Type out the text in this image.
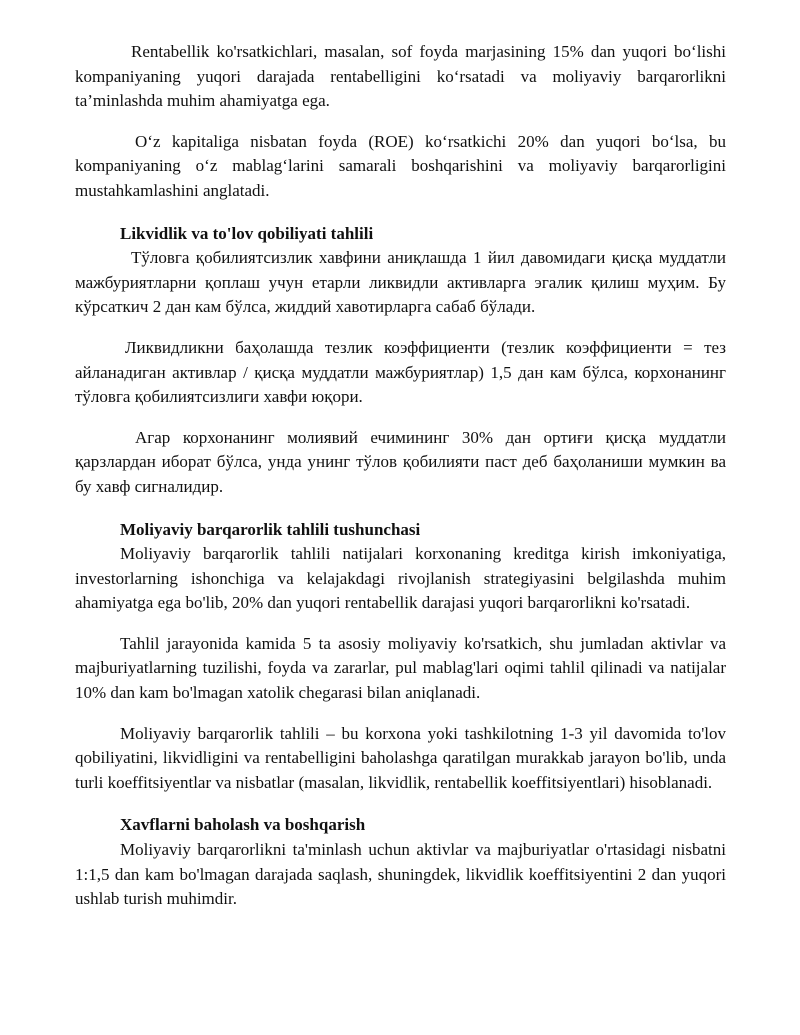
Rentabellik ko'rsatkichlari, masalan, sof foyda marjasining 15% dan yuqori bo‘lishi kompaniyaning yuqori darajada rentabelligini ko‘rsatadi va moliyaviy barqarorlikni ta’minlashda muhim ahamiyatga ega.

O‘z kapitaliga nisbatan foyda (ROE) ko‘rsatkichi 20% dan yuqori bo‘lsa, bu kompaniyaning o‘z mablag‘larini samarali boshqarishini va moliyaviy barqarorligini mustahkamlashini anglatadi.

Likvidlik va to'lov qobiliyati tahlili

Тўловга қобилиятсизлик хавфини аниқлашда 1 йил давомидаги қисқа муддатли мажбуриятларни қоплаш учун етарли ликвидли активларга эгалик қилиш муҳим. Бу кўрсаткич 2 дан кам бўлса, жиддий хавотирларга сабаб бўлади.

Ликвидликни баҳолашда тезлик коэффициенти (тезлик коэффициенти = тез айланадиган активлар / қисқа муддатли мажбуриятлар) 1,5 дан кам бўлса, корхонанинг тўловга қобилиятсизлиги хавфи юқори.

Агар корхонанинг молиявий ечимининг 30% дан ортиғи қисқа муддатли қарзлардан иборат бўлса, унда унинг тўлов қобилияти паст деб баҳоланиши мумкин ва бу хавф сигналидир.

Moliyaviy barqarorlik tahlili tushunchasi

Moliyaviy barqarorlik tahlili natijalari korxonaning kreditga kirish imkoniyatiga, investorlarning ishonchiga va kelajakdagi rivojlanish strategiyasini belgilashda muhim ahamiyatga ega bo'lib, 20% dan yuqori rentabellik darajasi yuqori barqarorlikni ko'rsatadi.

Tahlil jarayonida kamida 5 ta asosiy moliyaviy ko'rsatkich, shu jumladan aktivlar va majburiyatlarning tuzilishi, foyda va zararlar, pul mablag'lari oqimi tahlil qilinadi va natijalar 10% dan kam bo'lmagan xatolik chegarasi bilan aniqlanadi.

Moliyaviy barqarorlik tahlili – bu korxona yoki tashkilotning 1-3 yil davomida to'lov qobiliyatini, likvidligini va rentabelligini baholashga qaratilgan murakkab jarayon bo'lib, unda turli koeffitsiyentlar va nisbatlar (masalan, likvidlik, rentabellik koeffitsiyentlari) hisoblanadi.

Xavflarni baholash va boshqarish

Moliyaviy barqarorlikni ta'minlash uchun aktivlar va majburiyatlar o'rtasidagi nisbatni 1:1,5 dan kam bo'lmagan darajada saqlash, shuningdek, likvidlik koeffitsiyentini 2 dan yuqori ushlab turish muhimdir.
